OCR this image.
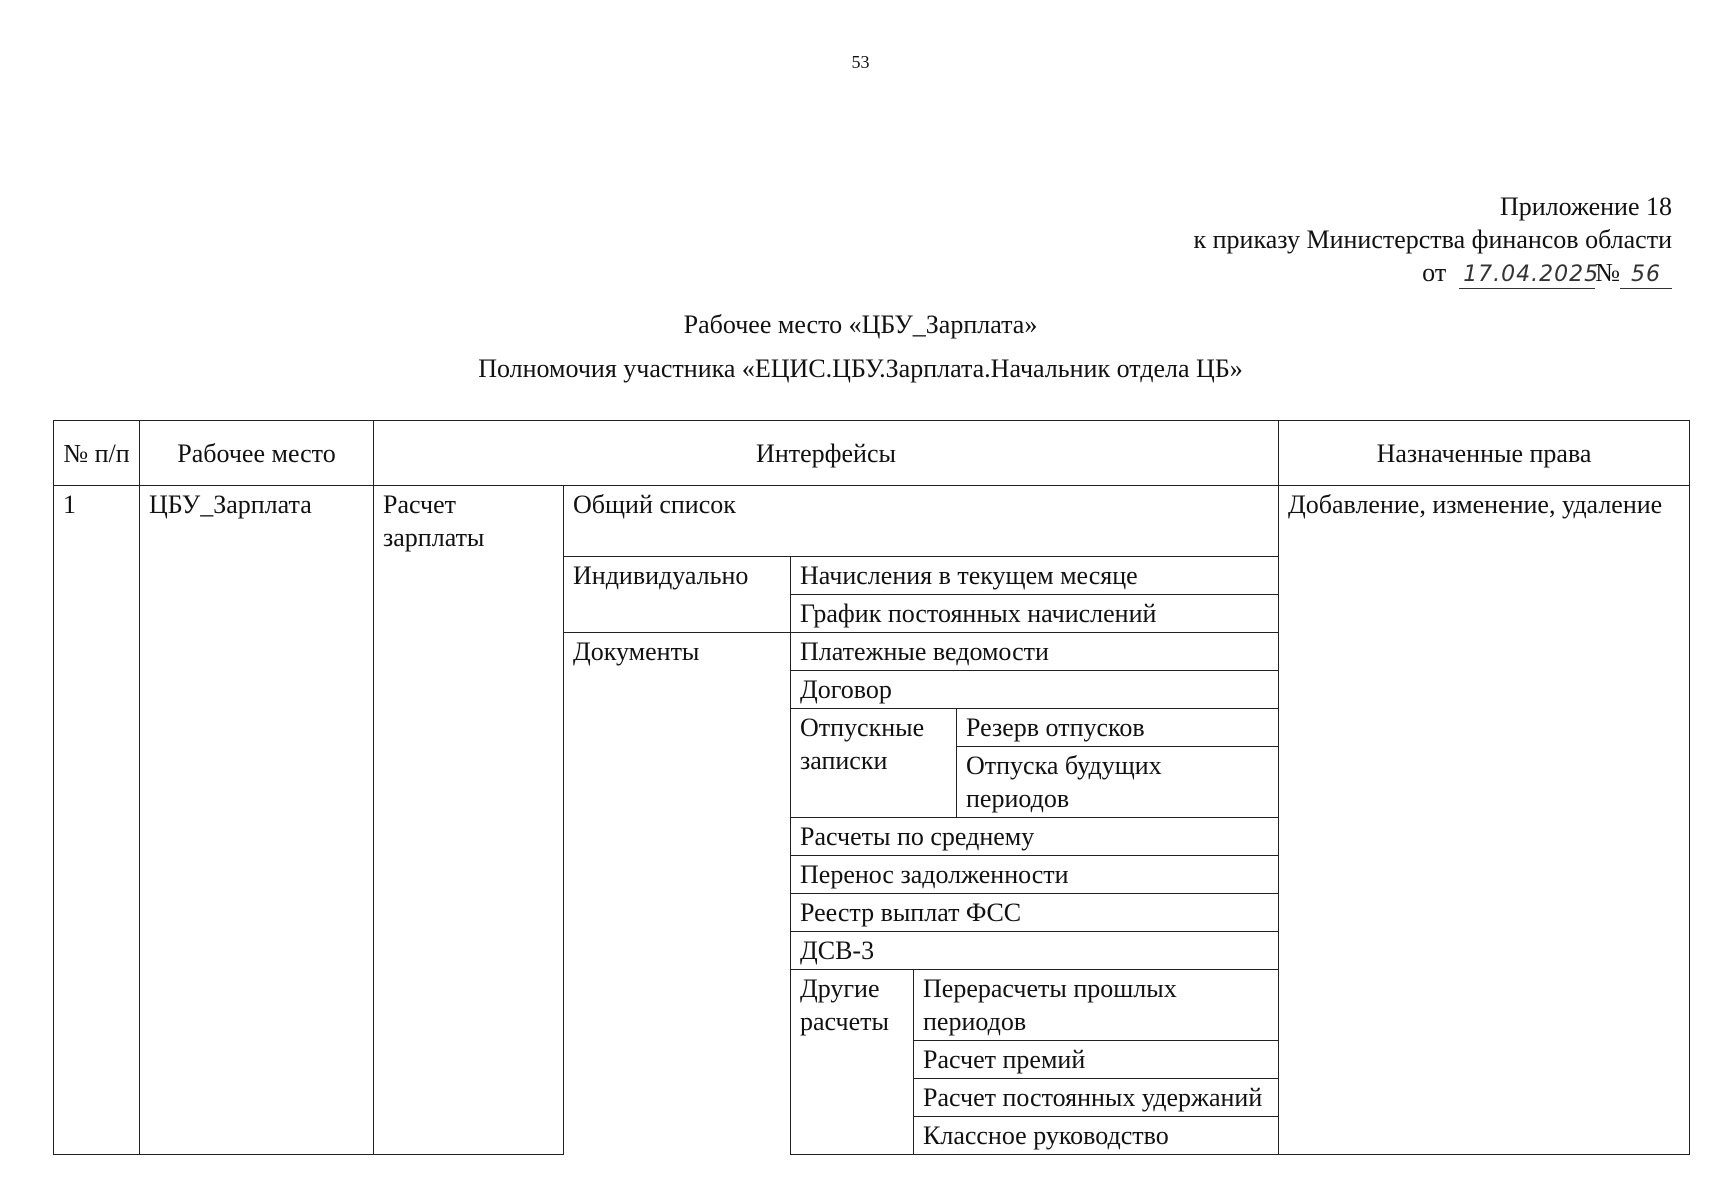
53
Приложение 18
к приказу Министерства финансов области
от 17.04.2025№ 56
Рабочее место «ЦБУ_Зарплата»
Полномочия участника «ЕЦИС.ЦБУ.Зарплата.Начальник отдела ЦБ»
№ п/п	Рабочее место	Интерфейсы					Назначенные права
1	ЦБУ_Зарплата	Расчет зарплаты	Общий список				Добавление, изменение, удаление
			Индивидуально	Начисления в текущем месяце			
				График постоянных начислений			
			Документы	Платежные ведомости			
				Договор			
				Отпускные записки		Резерв отпусков	
						Отпуска будущих периодов	
				Расчеты по среднему			
				Перенос задолженности			
				Реестр выплат ФСС			
				ДСВ-3			
				Другие расчеты	Перерасчеты прошлых периодов		
					Расчет премий		
					Расчет постоянных удержаний		
					Классное руководство		
